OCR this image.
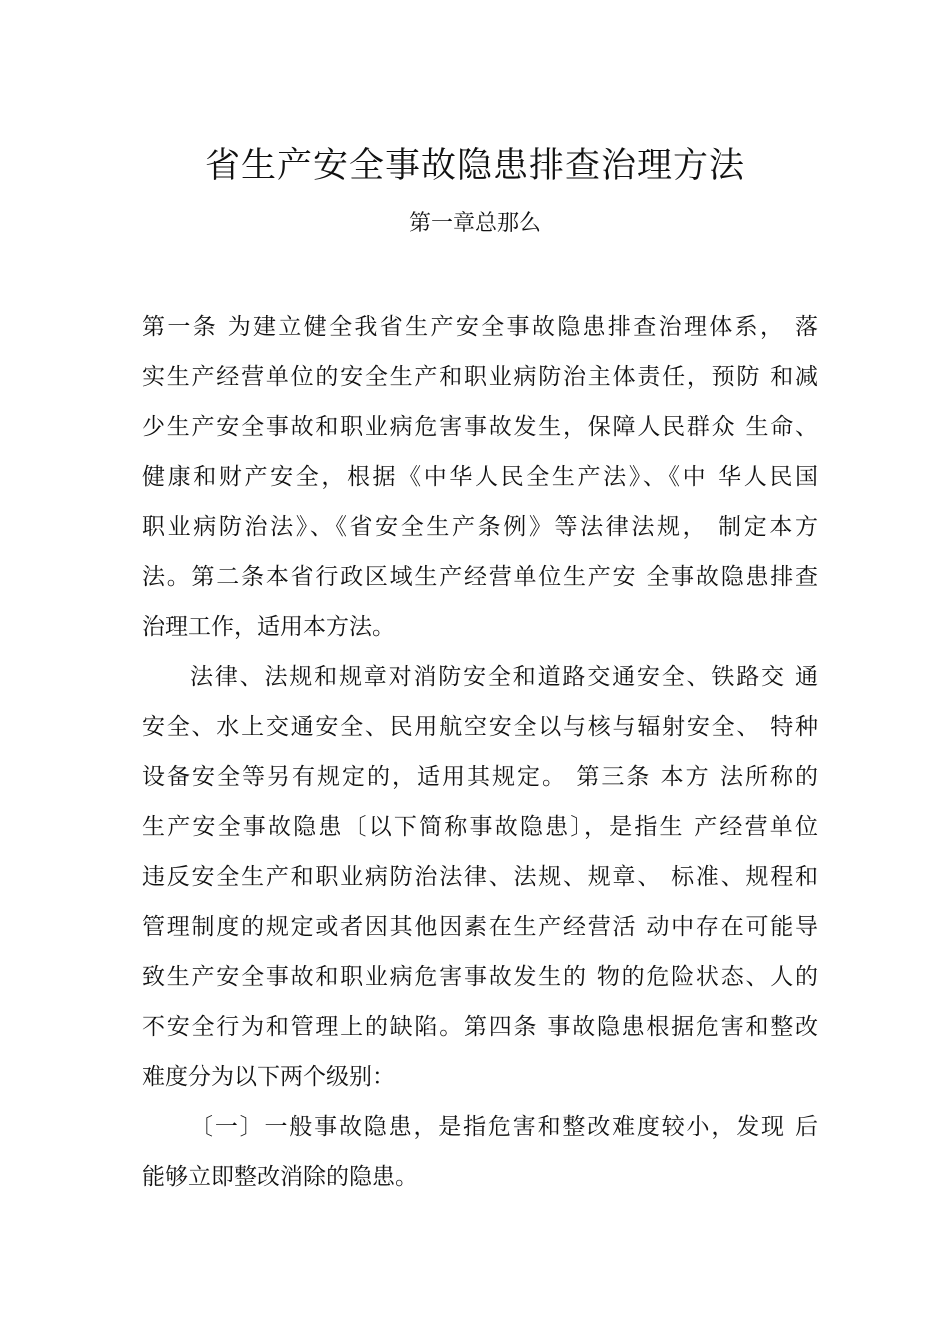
省生产安全事故隐患排查治理方法
第一章总那么
第一条 为建立健全我省生产安全事故隐患排查治理体系， 落
实生产经营单位的安全生产和职业病防治主体责任，预防 和减
少生产安全事故和职业病危害事故发生，保障人民群众 生命、
健康和财产安全，根据《中华人民全生产法》、《中 华人民国
职业病防治法》、《省安全生产条例》等法律法规， 制定本方
法。第二条本省行政区域生产经营单位生产安 全事故隐患排查
治理工作，适用本方法。
法律、法规和规章对消防安全和道路交通安全、铁路交 通
安全、水上交通安全、民用航空安全以与核与辐射安全、 特种
设备安全等另有规定的，适用其规定。 第三条 本方 法所称的
生产安全事故隐患〔以下简称事故隐患〕，是指生 产经营单位
违反安全生产和职业病防治法律、法规、规章、 标准、规程和
管理制度的规定或者因其他因素在生产经营活 动中存在可能导
致生产安全事故和职业病危害事故发生的 物的危险状态、人的
不安全行为和管理上的缺陷。第四条 事故隐患根据危害和整改
难度分为以下两个级别：
〔一〕一般事故隐患，是指危害和整改难度较小，发现 后
能够立即整改消除的隐患。
